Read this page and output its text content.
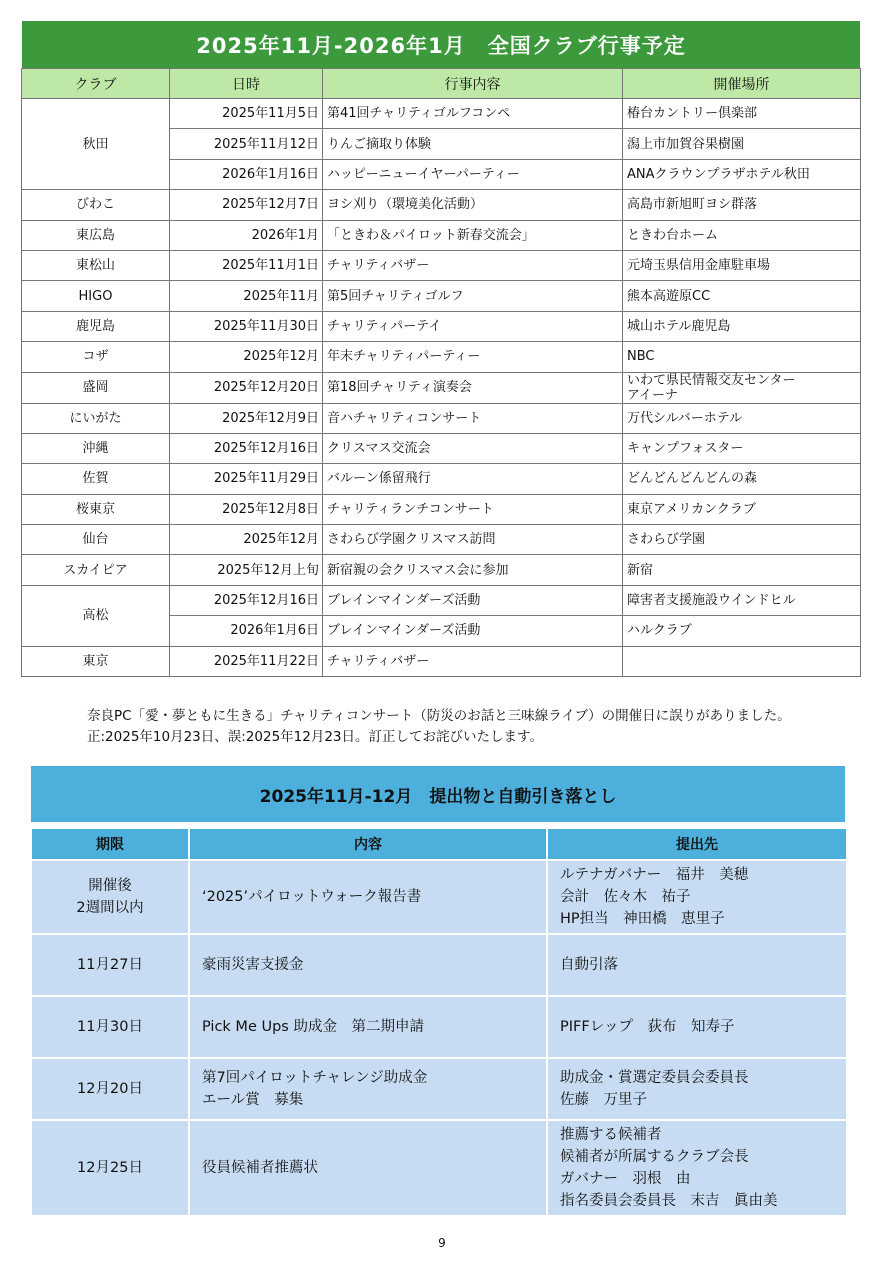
2025年11月-2026年1月　全国クラブ行事予定
クラブ	日時	行事内容	開催場所
秋田	2025年11月5日	第41回チャリティゴルフコンペ	椿台カントリー倶楽部

	2025年11月12日	りんご摘取り体験	潟上市加賀谷果樹園

	2026年1月16日	ハッピーニューイヤーパーティー	ANAクラウンプラザホテル秋田

びわこ	2025年12月7日	ヨシ刈り（環境美化活動）	高島市新旭町ヨシ群落

東広島	2026年1月	「ときわ＆パイロット新春交流会」	ときわ台ホーム

東松山	2025年11月1日	チャリティバザー	元埼玉県信用金庫駐車場

HIGO	2025年11月	第5回チャリティゴルフ	熊本高遊原CC

鹿児島	2025年11月30日	チャリティパーテイ	城山ホテル鹿児島

コザ	2025年12月	年末チャリティパーティー	NBC

盛岡	2025年12月20日	第18回チャリティ演奏会	いわて県民情報交友センター
アイーナ

にいがた	2025年12月9日	音ハチャリティコンサート	万代シルバーホテル

沖縄	2025年12月16日	クリスマス交流会	キャンプフォスター

佐賀	2025年11月29日	バルーン係留飛行	どんどんどんどんの森

桜東京	2025年12月8日	チャリティランチコンサート	東京アメリカンクラブ

仙台	2025年12月	さわらび学園クリスマス訪問	さわらび学園

スカイピア	2025年12月上旬	新宿親の会クリスマス会に参加	新宿

高松	2025年12月16日	ブレインマインダーズ活動	障害者支援施設ウインドヒル

	2026年1月6日	ブレインマインダーズ活動	ハルクラブ

東京	2025年11月22日	チャリティバザー	
奈良PC「愛・夢ともに生きる」チャリティコンサート（防災のお話と三味線ライブ）の開催日に誤りがありました。
正:2025年10月23日、誤:2025年12月23日。訂正してお詫びいたします。
2025年11月-12月　提出物と自動引き落とし
期限	内容	提出先

開催後
2週間以内	‘2025’パイロットウォーク報告書	ルテナガバナー　福井　美穂
会計　佐々木　祐子
HP担当　神田橋　恵里子

11月27日	豪雨災害支援金	自動引落

11月30日	Pick Me Ups 助成金　第二期申請	PIFFレップ　荻布　知寿子

12月20日	第7回パイロットチャレンジ助成金
エール賞　募集	助成金・賞選定委員会委員長
佐藤　万里子

12月25日	役員候補者推薦状	推薦する候補者
候補者が所属するクラブ会長
ガバナー　羽根　由
指名委員会委員長　末吉　眞由美
9
